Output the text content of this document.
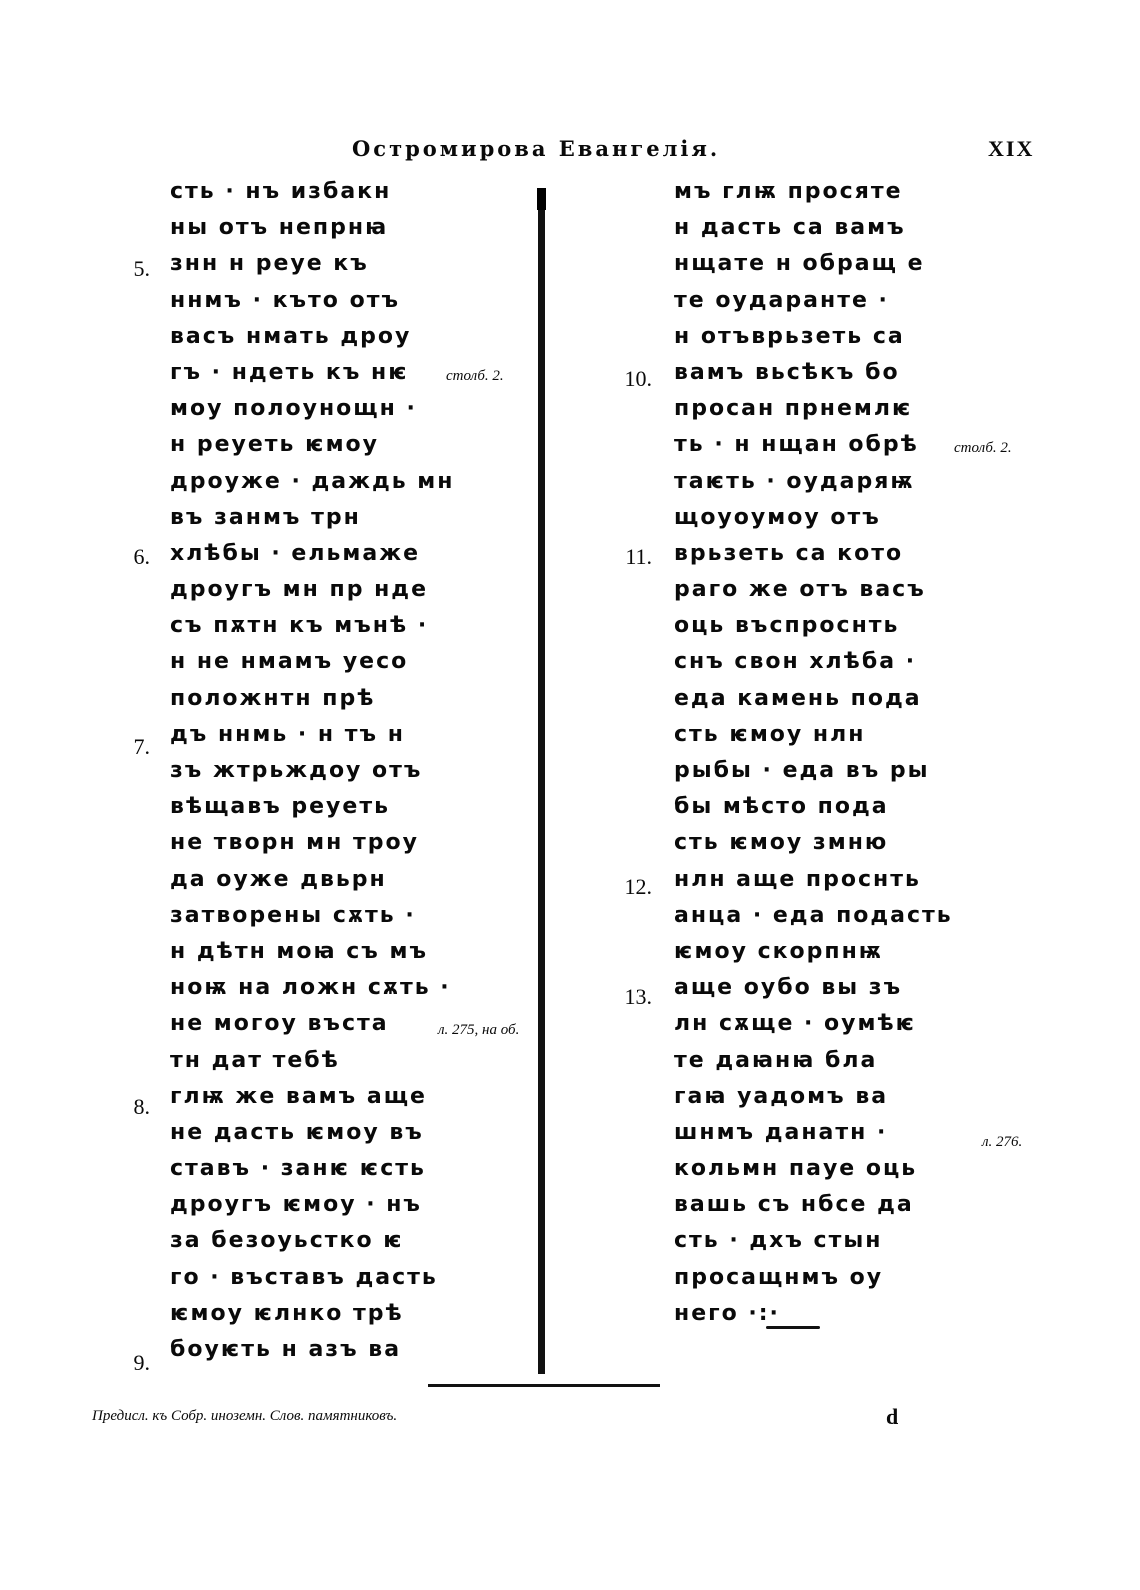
Остромирова Евангелія.	XIX
сть · нъ избакн
ны отъ непрнꙗ
знн н реуе къ
ннмъ · къто отъ
васъ нмать дроу
гъ · ндеть къ нѥ
моу полоунощн ·
н реуеть ѥмоу
дроуже · даждь мн
въ занмъ трн
хлѣбы · ельмаже
дроугъ мн пр нде
съ пѫтн къ мънѣ ·
н не нмамъ уесо
положнтн прѣ
дъ ннмь · н тъ н
зъ жтрьждоу отъ
вѣщавъ реуеть
не творн мн троу
да оуже двьрн
затворены сѫть ·
н дѣтн моꙗ съ мъ
ноѭ на ложн сѫть ·
не могоу въста
тн дат тебѣ
глѭ же вамъ аще
не дасть ѥмоу въ
ставъ · занѥ ѥсть
дроугъ ѥмоу · нъ
за безоуьстко ѥ
го · въставъ дасть
ѥмоу ѥлнко трѣ
боуѥть н азъ ва
мъ глѭ просяте
н дасть са вамъ
нщате н обращ е
те оударанте ·
н отъврьзеть са
вамъ вьсѣкъ бо
просан прнемлѥ
ть · н нщан обрѣ
таѥть · оударяѭ
щоуоумоу отъ
врьзеть са кото
раго же отъ васъ
оць въспроснть
снъ свон хлѣба ·
еда камень пода
сть ѥмоу нлн
рыбы · еда въ ры
бы мѣсто пода
сть ѥмоу змню
нлн аще проснть
анца · еда подасть
ѥмоу скорпнѭ
аще оубо вы зъ
лн сѫще · оумѣѥ
те даꙗнꙗ бла
гаꙗ уадомъ ва
шнмъ данатн ·
кольмн пауе оць
вашь съ нбсе да
сть · дхъ стын
просащнмъ оу
него ·:·
5.
6.
7.
8.
9.
10.
11.
12.
13.
столб. 2.
л. 275, на об.
столб. 2.
л. 276.
Предисл. къ Собр. иноземн. Слов. памятниковъ.	d
